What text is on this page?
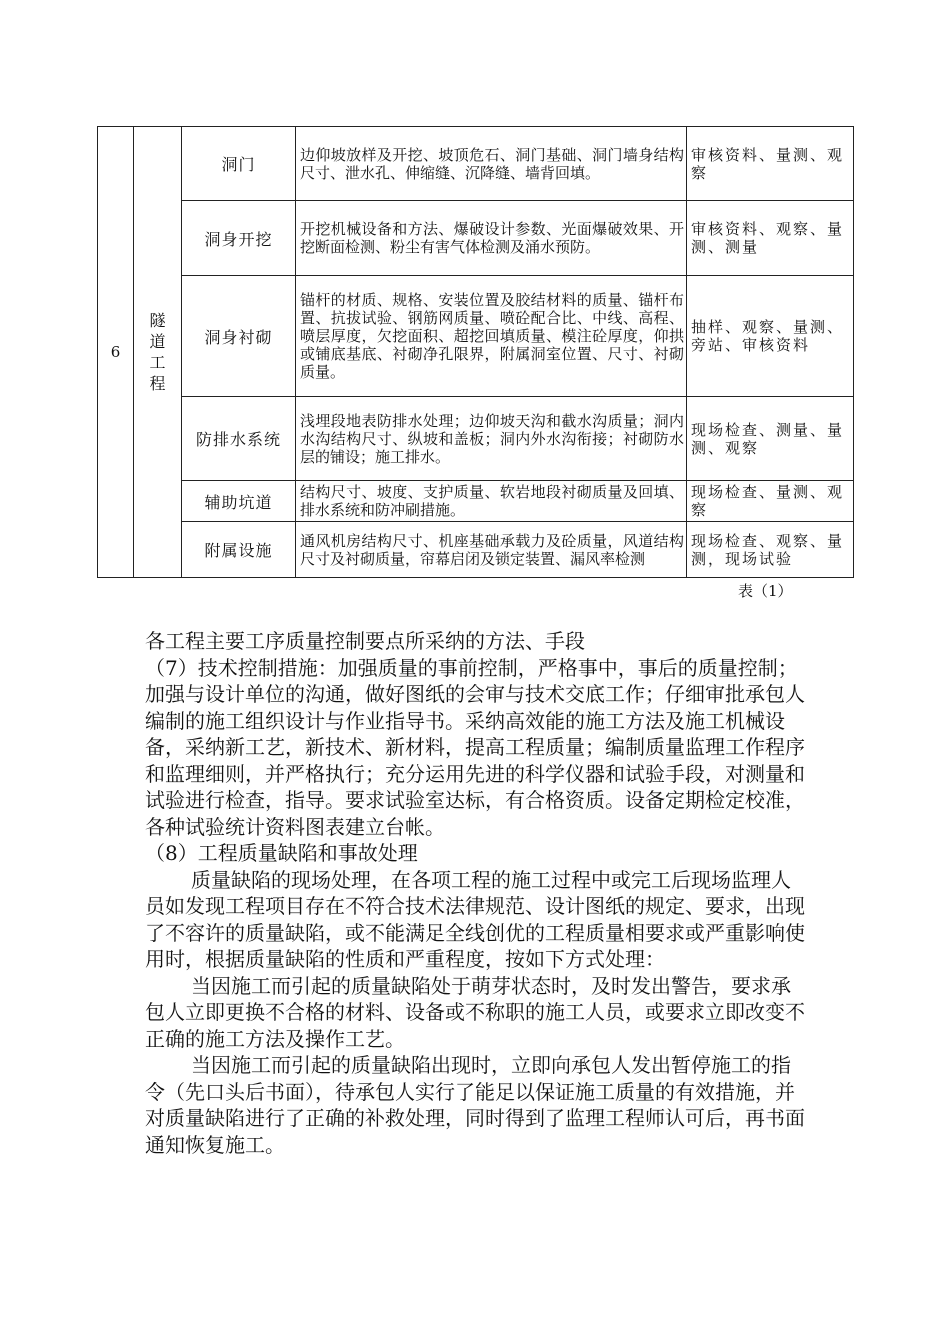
6	隧道工程	洞门	边仰坡放样及开挖、坡顶危石、洞门基础、洞门墙身结构尺寸、泄水孔、伸缩缝、沉降缝、墙背回填。	审核资料、量测、观察
		洞身开挖	开挖机械设备和方法、爆破设计参数、光面爆破效果、开挖断面检测、粉尘有害气体检测及涌水预防。	审核资料、观察、量测、测量
		洞身衬砌	锚杆的材质、规格、安装位置及胶结材料的质量、锚杆布置、抗拔试验、钢筋网质量、喷砼配合比、中线、高程、喷层厚度，欠挖面积、超挖回填质量、模注砼厚度，仰拱或铺底基底、衬砌净孔限界，附属洞室位置、尺寸、衬砌质量。	抽样、观察、量测、旁站、审核资料
		防排水系统	浅埋段地表防排水处理；边仰坡天沟和截水沟质量；洞内水沟结构尺寸、纵坡和盖板；洞内外水沟衔接；衬砌防水层的铺设；施工排水。	现场检查、测量、量测、观察
		辅助坑道	结构尺寸、坡度、支护质量、软岩地段衬砌质量及回填、排水系统和防冲刷措施。	现场检查、量测、观察
		附属设施	通风机房结构尺寸、机座基础承载力及砼质量，风道结构尺寸及衬砌质量，帘幕启闭及锁定装置、漏风率检测	现场检查、观察、量测，现场试验
表（1）

各工程主要工序质量控制要点所采纳的方法、手段

（7）技术控制措施：加强质量的事前控制，严格事中，事后的质量控制；加强与设计单位的沟通，做好图纸的会审与技术交底工作；仔细审批承包人编制的施工组织设计与作业指导书。采纳高效能的施工方法及施工机械设备，采纳新工艺，新技术、新材料，提高工程质量；编制质量监理工作程序和监理细则，并严格执行；充分运用先进的科学仪器和试验手段，对测量和试验进行检查，指导。要求试验室达标，有合格资质。设备定期检定校准，各种试验统计资料图表建立台帐。

（8）工程质量缺陷和事故处理

质量缺陷的现场处理，在各项工程的施工过程中或完工后现场监理人员如发现工程项目存在不符合技术法律规范、设计图纸的规定、要求，出现了不容许的质量缺陷，或不能满足全线创优的工程质量相要求或严重影响使用时，根据质量缺陷的性质和严重程度，按如下方式处理：

当因施工而引起的质量缺陷处于萌芽状态时，及时发出警告，要求承包人立即更换不合格的材料、设备或不称职的施工人员，或要求立即改变不正确的施工方法及操作工艺。

当因施工而引起的质量缺陷出现时，立即向承包人发出暂停施工的指令（先口头后书面），待承包人实行了能足以保证施工质量的有效措施，并对质量缺陷进行了正确的补救处理，同时得到了监理工程师认可后，再书面通知恢复施工。
